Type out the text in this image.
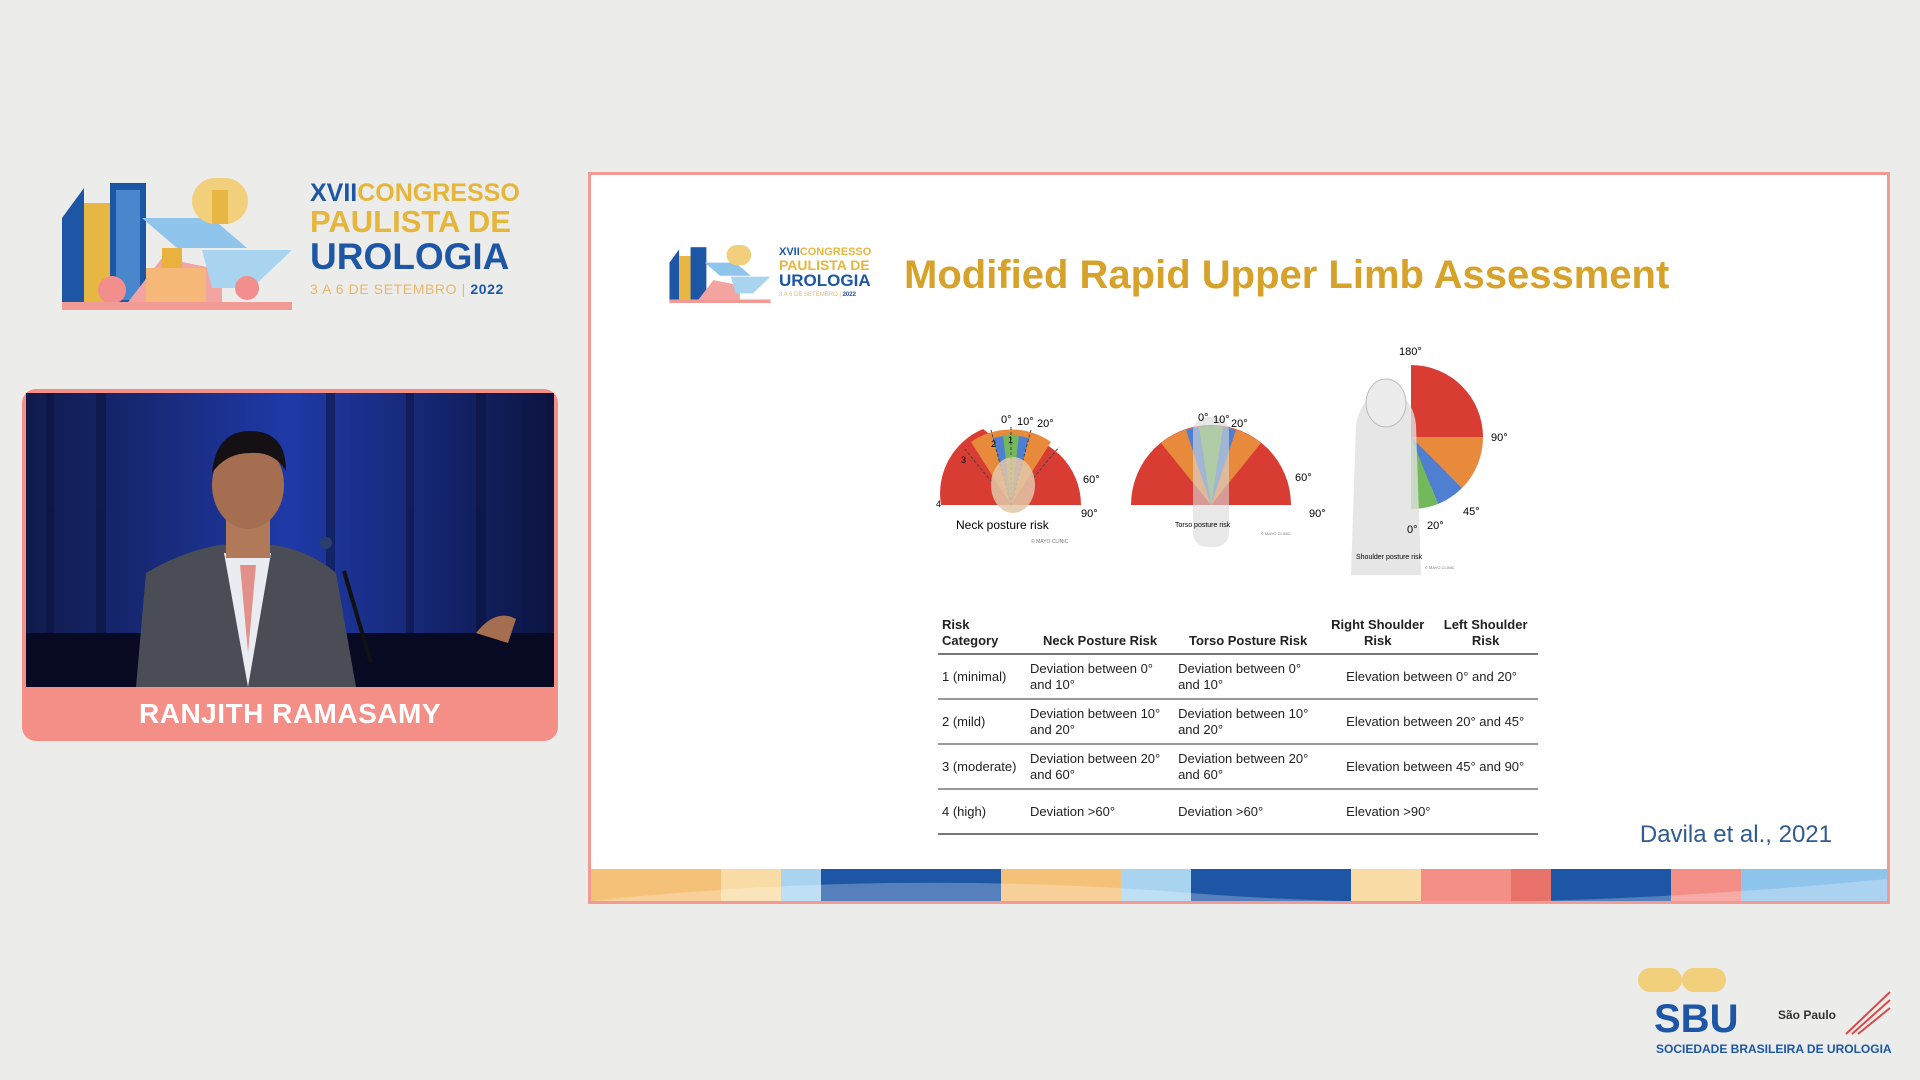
XVIICONGRESSO
PAULISTA DE
UROLOGIA
3 A 6 DE SETEMBRO | 2022
RANJITH RAMASAMY
XVIICONGRESSO
PAULISTA DE
UROLOGIA
3 A 6 DE SETEMBRO | 2022	Modified Rapid Upper Limb Assessment
0° 10° 20°
60°
90°
1
2
3
4
Neck posture risk
© MAYO CLINIC
0° 10° 20°
60°
90°
Torso posture risk
© MAYO CLINIC
180°
90°
45°
20°
0°
Shoulder posture risk
© MAYO CLINIC
Risk Category	Neck Posture Risk	Torso Posture Risk	Right Shoulder Risk	Left Shoulder Risk
1 (minimal)	Deviation between 0° and 10°	Deviation between 0° and 10°	Elevation between 0° and 20°	
2 (mild)	Deviation between 10° and 20°	Deviation between 10° and 20°	Elevation between 20° and 45°	
3 (moderate)	Deviation between 20° and 60°	Deviation between 20° and 60°	Elevation between 45° and 90°	
4 (high)	Deviation >60°	Deviation >60°	Elevation >90°	
Davila et al., 2021
SBU	São Paulo
SOCIEDADE BRASILEIRA DE UROLOGIA
